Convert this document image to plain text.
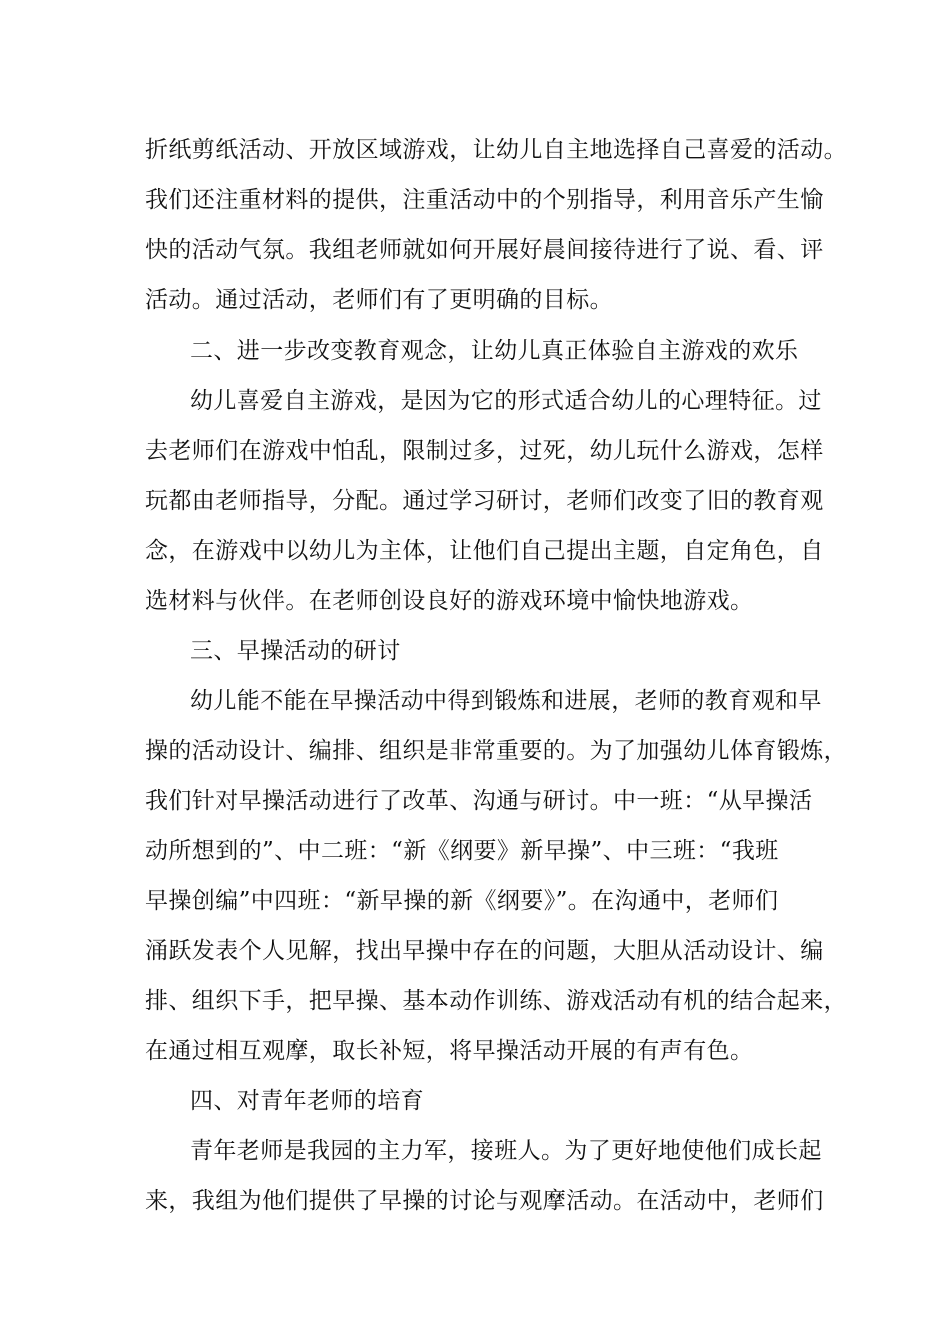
折纸剪纸活动、开放区域游戏，让幼儿自主地选择自己喜爱的活动。
我们还注重材料的提供，注重活动中的个别指导，利用音乐产生愉
快的活动气氛。我组老师就如何开展好晨间接待进行了说、看、评
活动。通过活动，老师们有了更明确的目标。
二、进一步改变教育观念，让幼儿真正体验自主游戏的欢乐
幼儿喜爱自主游戏，是因为它的形式适合幼儿的心理特征。过
去老师们在游戏中怕乱，限制过多，过死，幼儿玩什么游戏，怎样
玩都由老师指导，分配。通过学习研讨，老师们改变了旧的教育观
念，在游戏中以幼儿为主体，让他们自己提出主题，自定角色，自
选材料与伙伴。在老师创设良好的游戏环境中愉快地游戏。
三、早操活动的研讨
幼儿能不能在早操活动中得到锻炼和进展，老师的教育观和早
操的活动设计、编排、组织是非常重要的。为了加强幼儿体育锻炼，
我们针对早操活动进行了改革、沟通与研讨。中一班：“从早操活
动所想到的”、中二班：“新《纲要》新早操”、中三班：“我班
早操创编”中四班：“新早操的新《纲要》”。在沟通中，老师们
涌跃发表个人见解，找出早操中存在的问题，大胆从活动设计、编
排、组织下手，把早操、基本动作训练、游戏活动有机的结合起来，
在通过相互观摩，取长补短，将早操活动开展的有声有色。
四、对青年老师的培育
青年老师是我园的主力军，接班人。为了更好地使他们成长起
来，我组为他们提供了早操的讨论与观摩活动。在活动中，老师们
